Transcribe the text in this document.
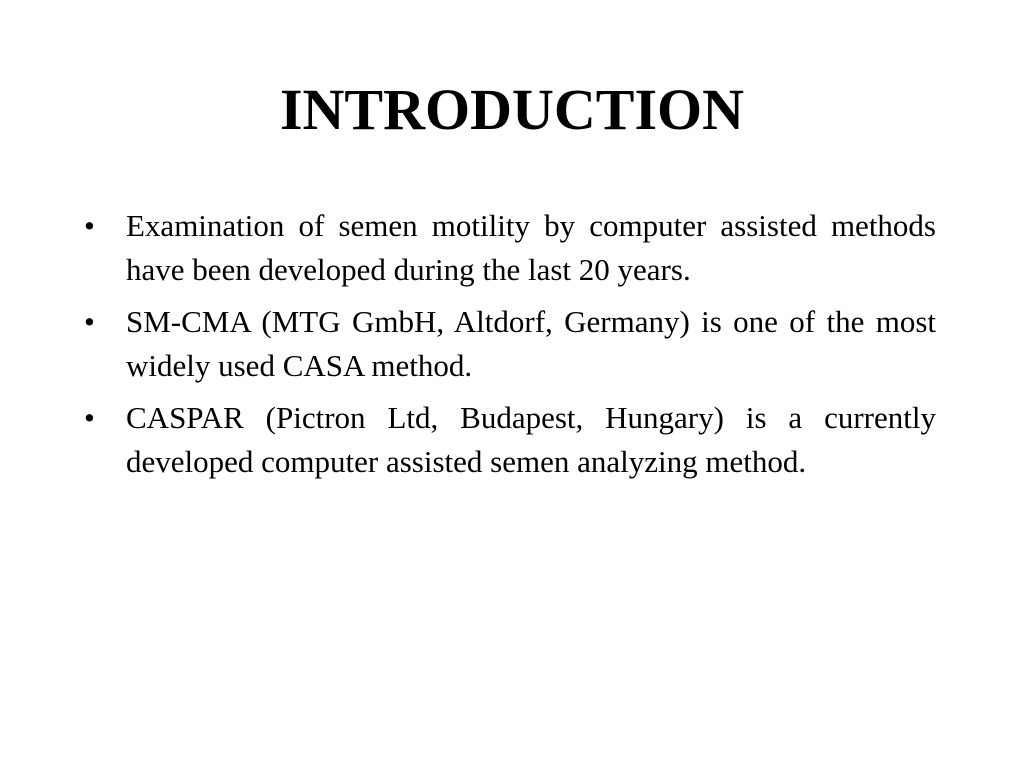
INTRODUCTION
• Examination of semen motility by computer assisted methods have been developed during the last 20 years.
• SM-CMA (MTG GmbH, Altdorf, Germany) is one of the most widely used CASA method.
• CASPAR (Pictron Ltd, Budapest, Hungary) is a currently developed computer assisted semen analyzing method.
